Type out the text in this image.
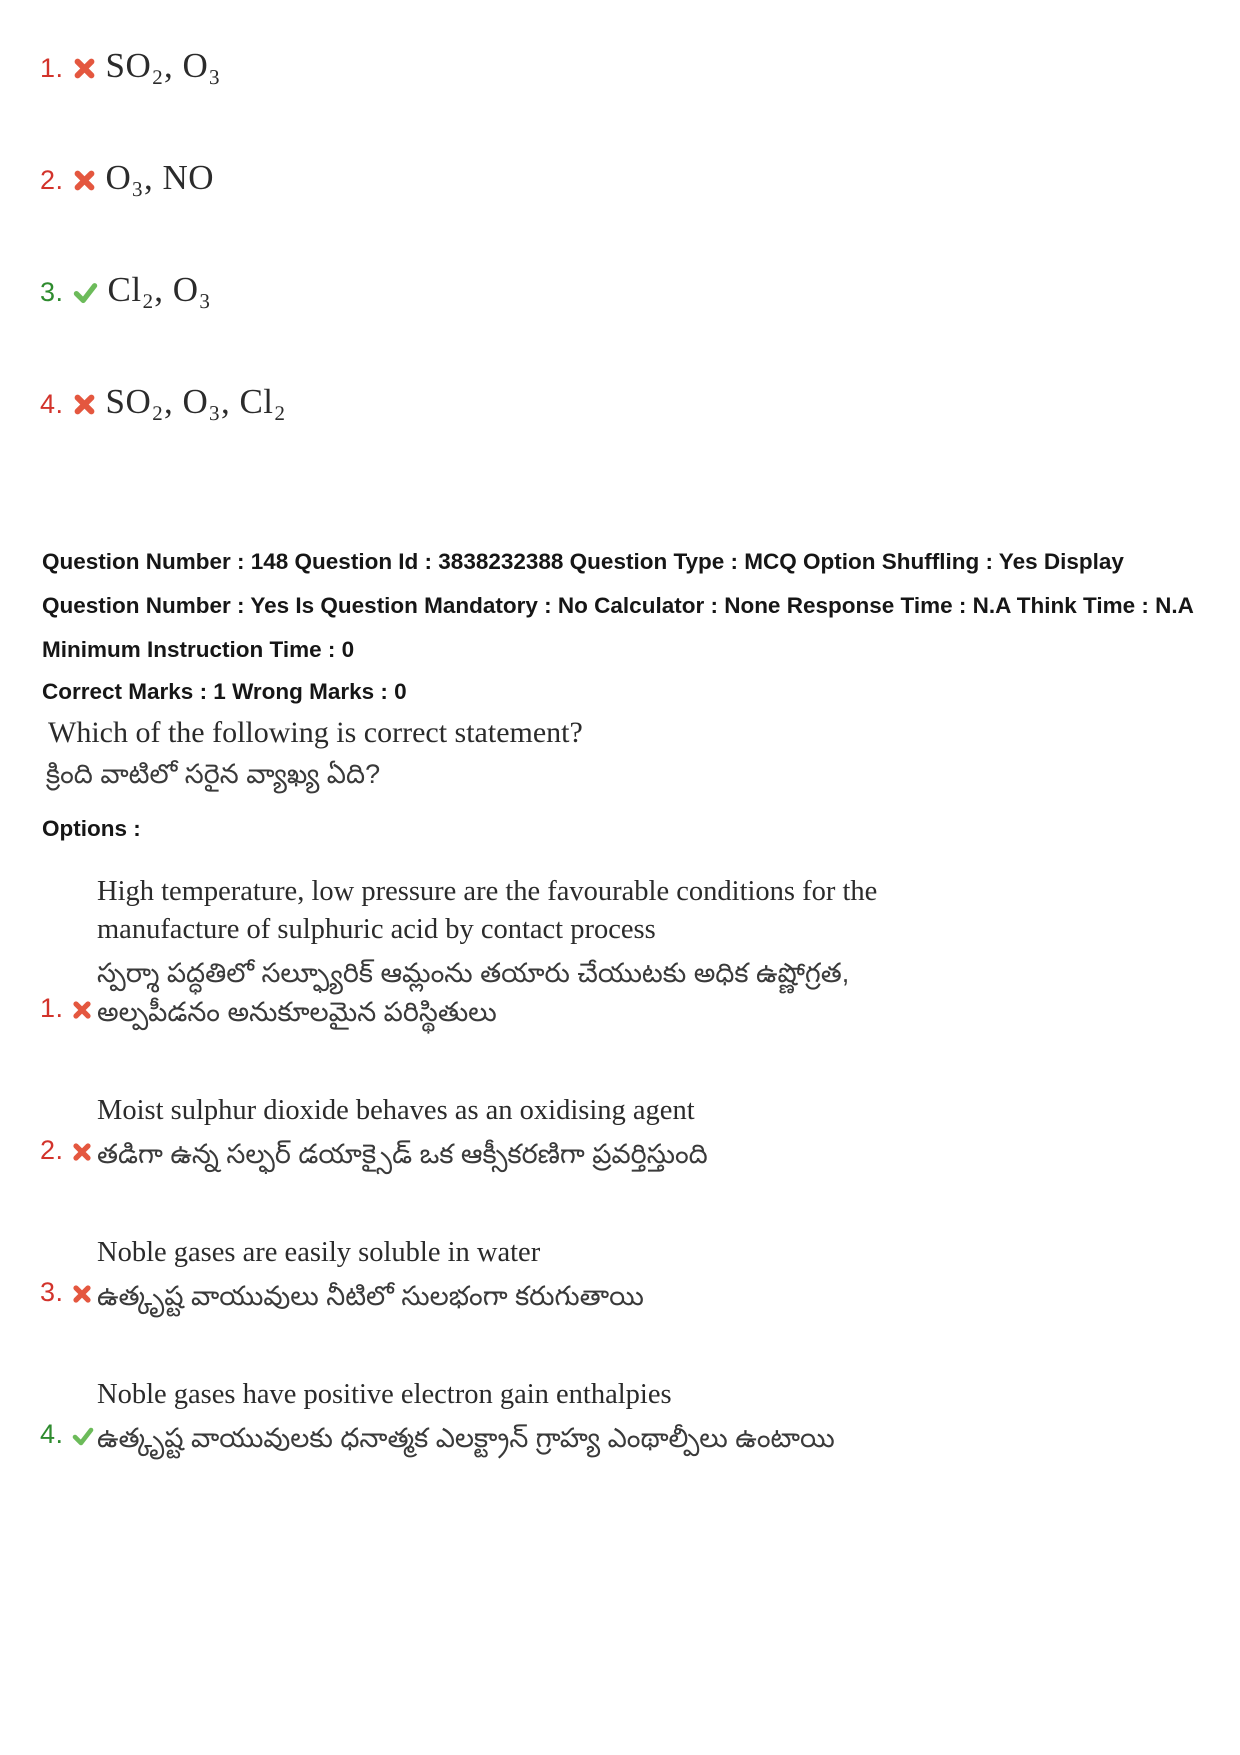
1. SO₂, O₃
2. O₃, NO
3. Cl₂, O₃
4. SO₂, O₃, Cl₂

Question Number : 148 Question Id : 3838232388 Question Type : MCQ Option Shuffling : Yes Display Question Number : Yes Is Question Mandatory : No Calculator : None Response Time : N.A Think Time : N.A Minimum Instruction Time : 0

Correct Marks : 1 Wrong Marks : 0

Which of the following is correct statement?

క్రింది వాటిలో సరైన వ్యాఖ్య ఏది?

Options :

1.

High temperature, low pressure are the favourable conditions for the manufacture of sulphuric acid by contact process

స్పర్శా పద్ధతిలో సల్ఫ్యూరిక్ ఆమ్లంను తయారు చేయుటకు అధిక ఉష్ణోగ్రత, అల్పపీడనం అనుకూలమైన పరిస్థితులు

2.

Moist sulphur dioxide behaves as an oxidising agent

తడిగా ఉన్న సల్ఫర్ డయాక్సైడ్ ఒక ఆక్సీకరణిగా ప్రవర్తిస్తుంది

3.

Noble gases are easily soluble in water

ఉత్కృష్ట వాయువులు నీటిలో సులభంగా కరుగుతాయి

4.

Noble gases have positive electron gain enthalpies

ఉత్కృష్ట వాయువులకు ధనాత్మక ఎలక్ట్రాన్ గ్రాహ్య ఎంథాల్పీలు ఉంటాయి
